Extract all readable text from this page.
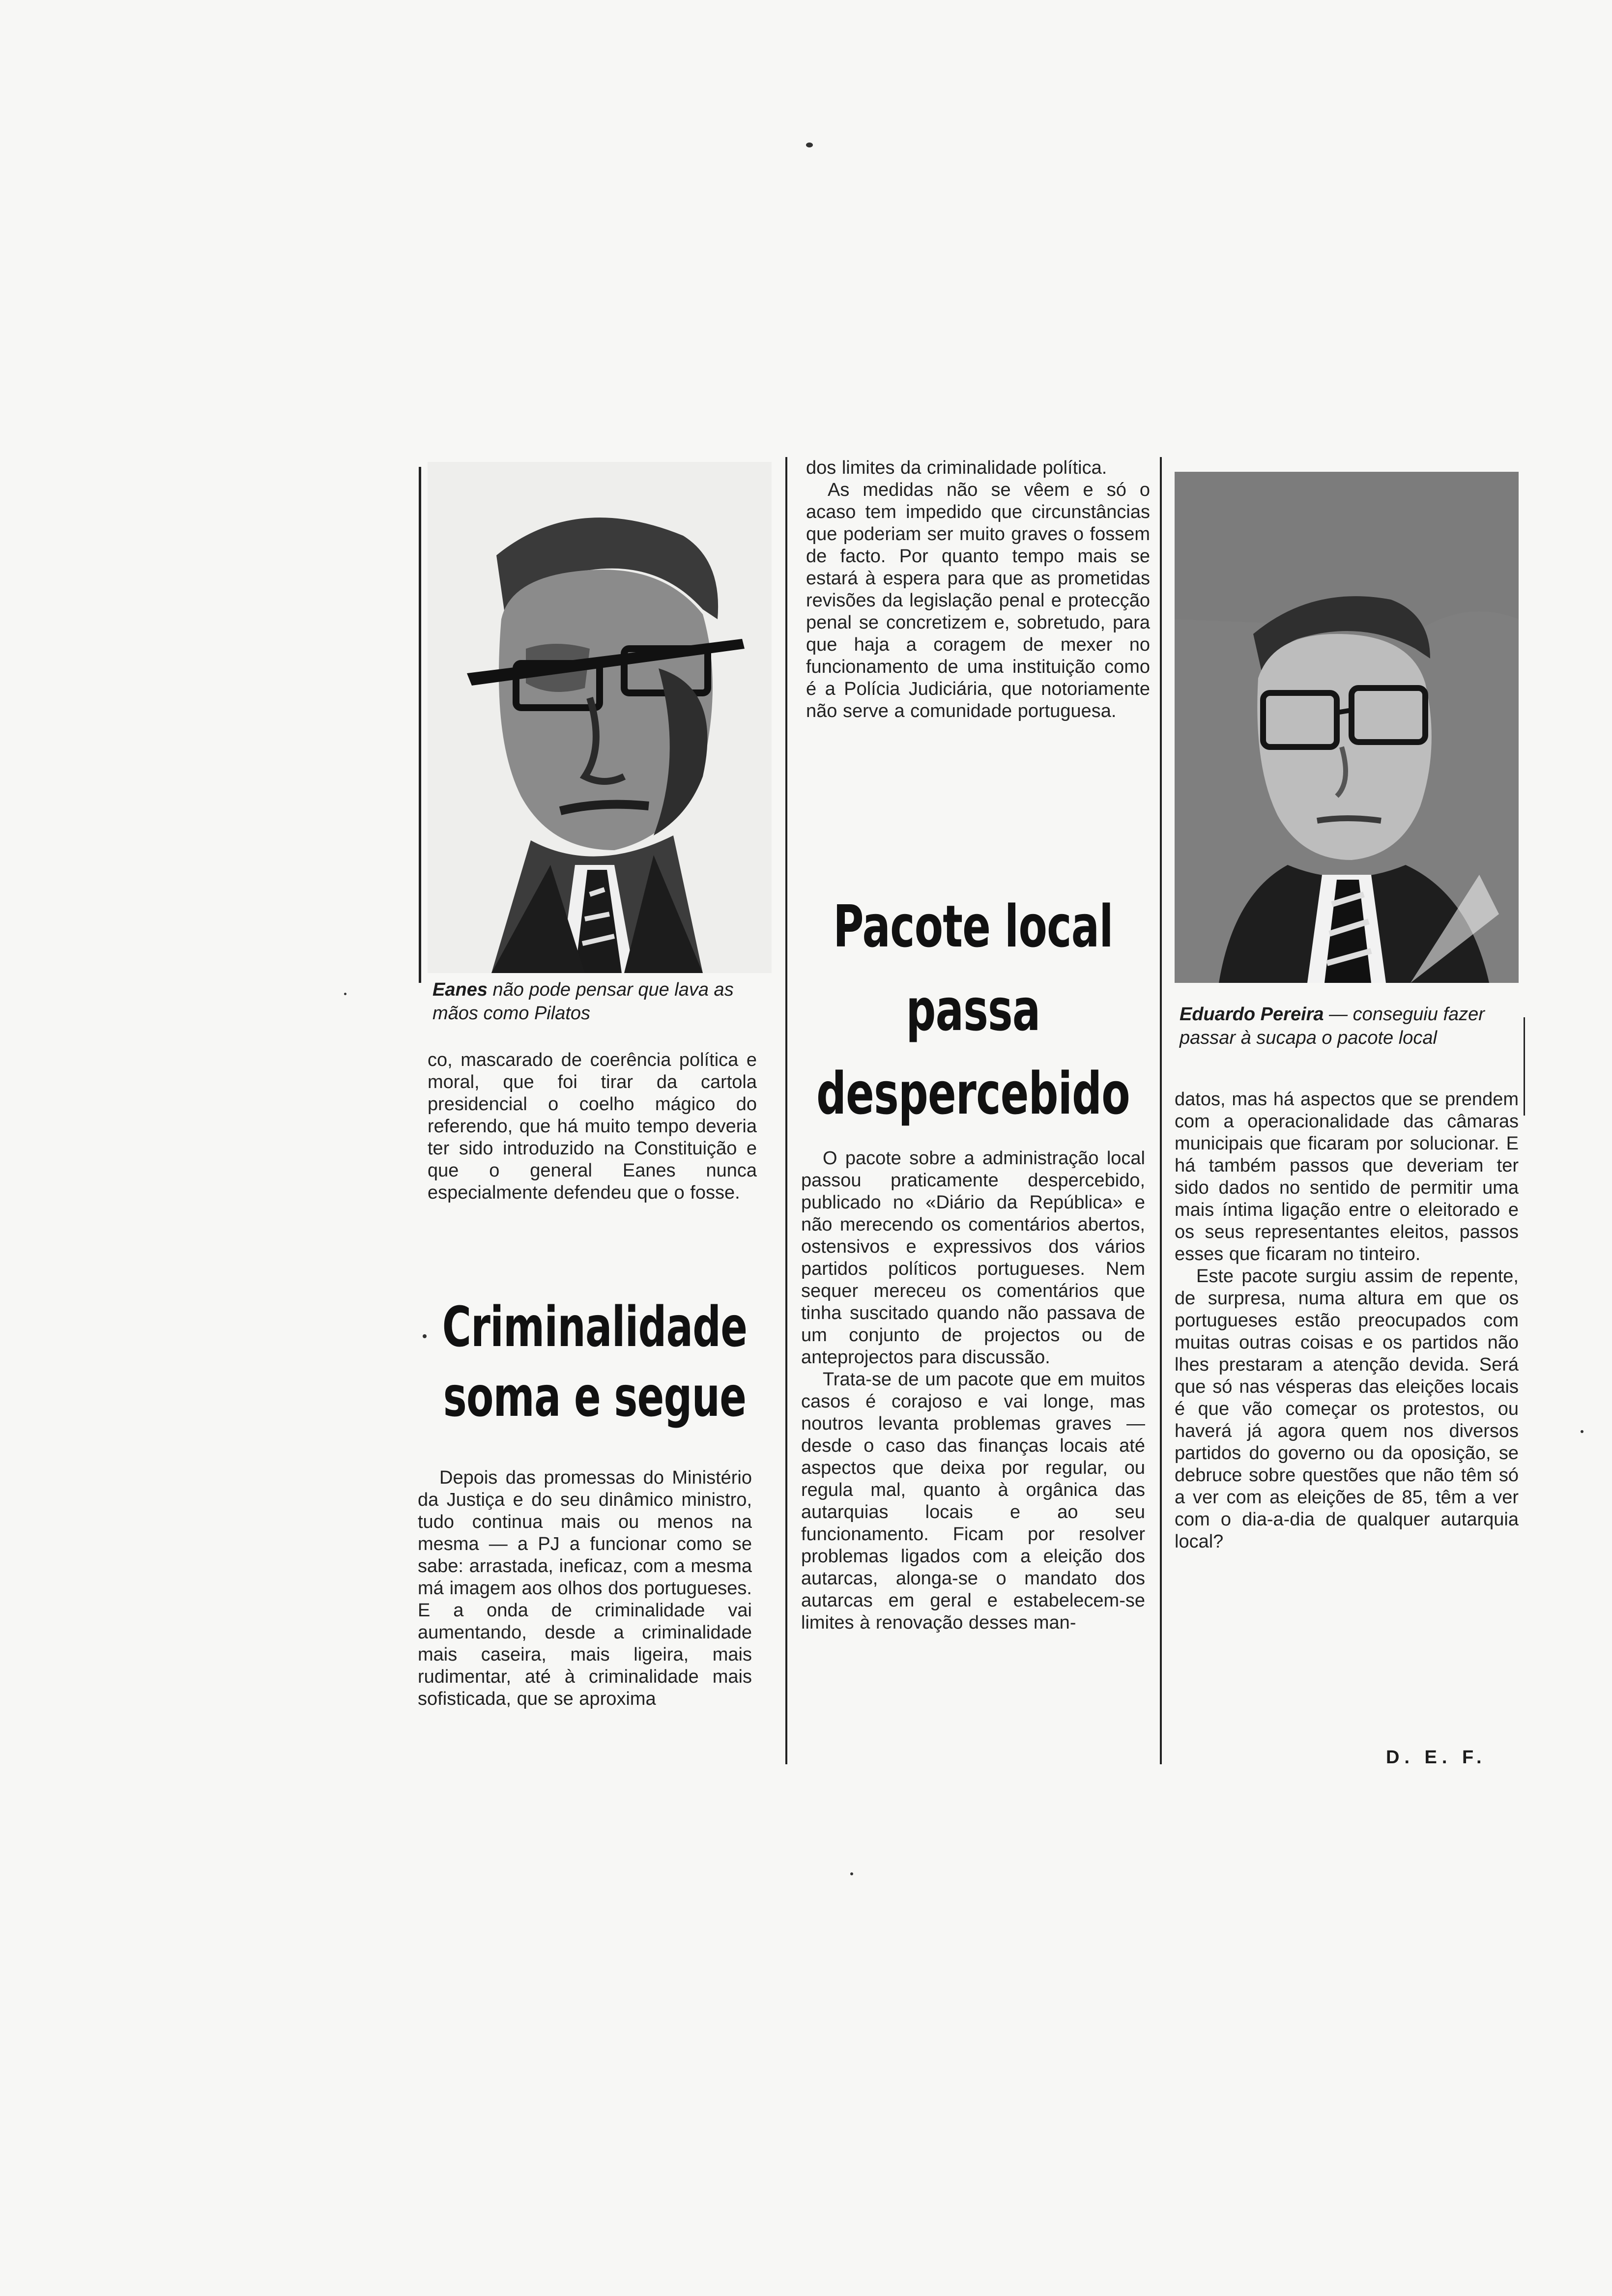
Eanes não pode pensar que lava as mãos como Pilatos

co, mascarado de coerência política e moral, que foi tirar da cartola presidencial o coelho mágico do referendo, que há muito tempo deveria ter sido introduzido na Constituição e que o general Eanes nunca especialmente defendeu que o fosse.

Criminalidade
soma e segue

Depois das promessas do Ministério da Justiça e do seu dinâmico ministro, tudo continua mais ou menos na mesma — a PJ a funcionar como se sabe: arrastada, ineficaz, com a mesma má imagem aos olhos dos portugueses. E a onda de criminalidade vai aumentando, desde a criminalidade mais caseira, mais ligeira, mais rudimentar, até à criminalidade mais sofisticada, que se aproxima

dos limites da criminalidade política.

As medidas não se vêem e só o acaso tem impedido que circunstâncias que poderiam ser muito graves o fossem de facto. Por quanto tempo mais se estará à espera para que as prometidas revisões da legislação penal e protecção penal se concretizem e, sobretudo, para que haja a coragem de mexer no funcionamento de uma instituição como é a Polícia Judiciária, que notoriamente não serve a comunidade portuguesa.

Pacote local
passa
despercebido

O pacote sobre a administração local passou praticamente despercebido, publicado no «Diário da República» e não merecendo os comentários abertos, ostensivos e expressivos dos vários partidos políticos portugueses. Nem sequer mereceu os comentários que tinha suscitado quando não passava de um conjunto de projectos ou de anteprojectos para discussão.

Trata-se de um pacote que em muitos casos é corajoso e vai longe, mas noutros levanta problemas graves — desde o caso das finanças locais até aspectos que deixa por regular, ou regula mal, quanto à orgânica das autarquias locais e ao seu funcionamento. Ficam por resolver problemas ligados com a eleição dos autarcas, alonga-se o mandato dos autarcas em geral e estabelecem-se limites à renovação desses man-

Eduardo Pereira — conseguiu fazer passar à sucapa o pacote local

datos, mas há aspectos que se prendem com a operacionalidade das câmaras municipais que ficaram por solucionar. E há também passos que deveriam ter sido dados no sentido de permitir uma mais íntima ligação entre o eleitorado e os seus representantes eleitos, passos esses que ficaram no tinteiro.

Este pacote surgiu assim de repente, de surpresa, numa altura em que os portugueses estão preocupados com muitas outras coisas e os partidos não lhes prestaram a atenção devida. Será que só nas vésperas das eleições locais é que vão começar os protestos, ou haverá já agora quem nos diversos partidos do governo ou da oposição, se debruce sobre questões que não têm só a ver com as eleições de 85, têm a ver com o dia-a-dia de qualquer autarquia local?

D. E. F.
